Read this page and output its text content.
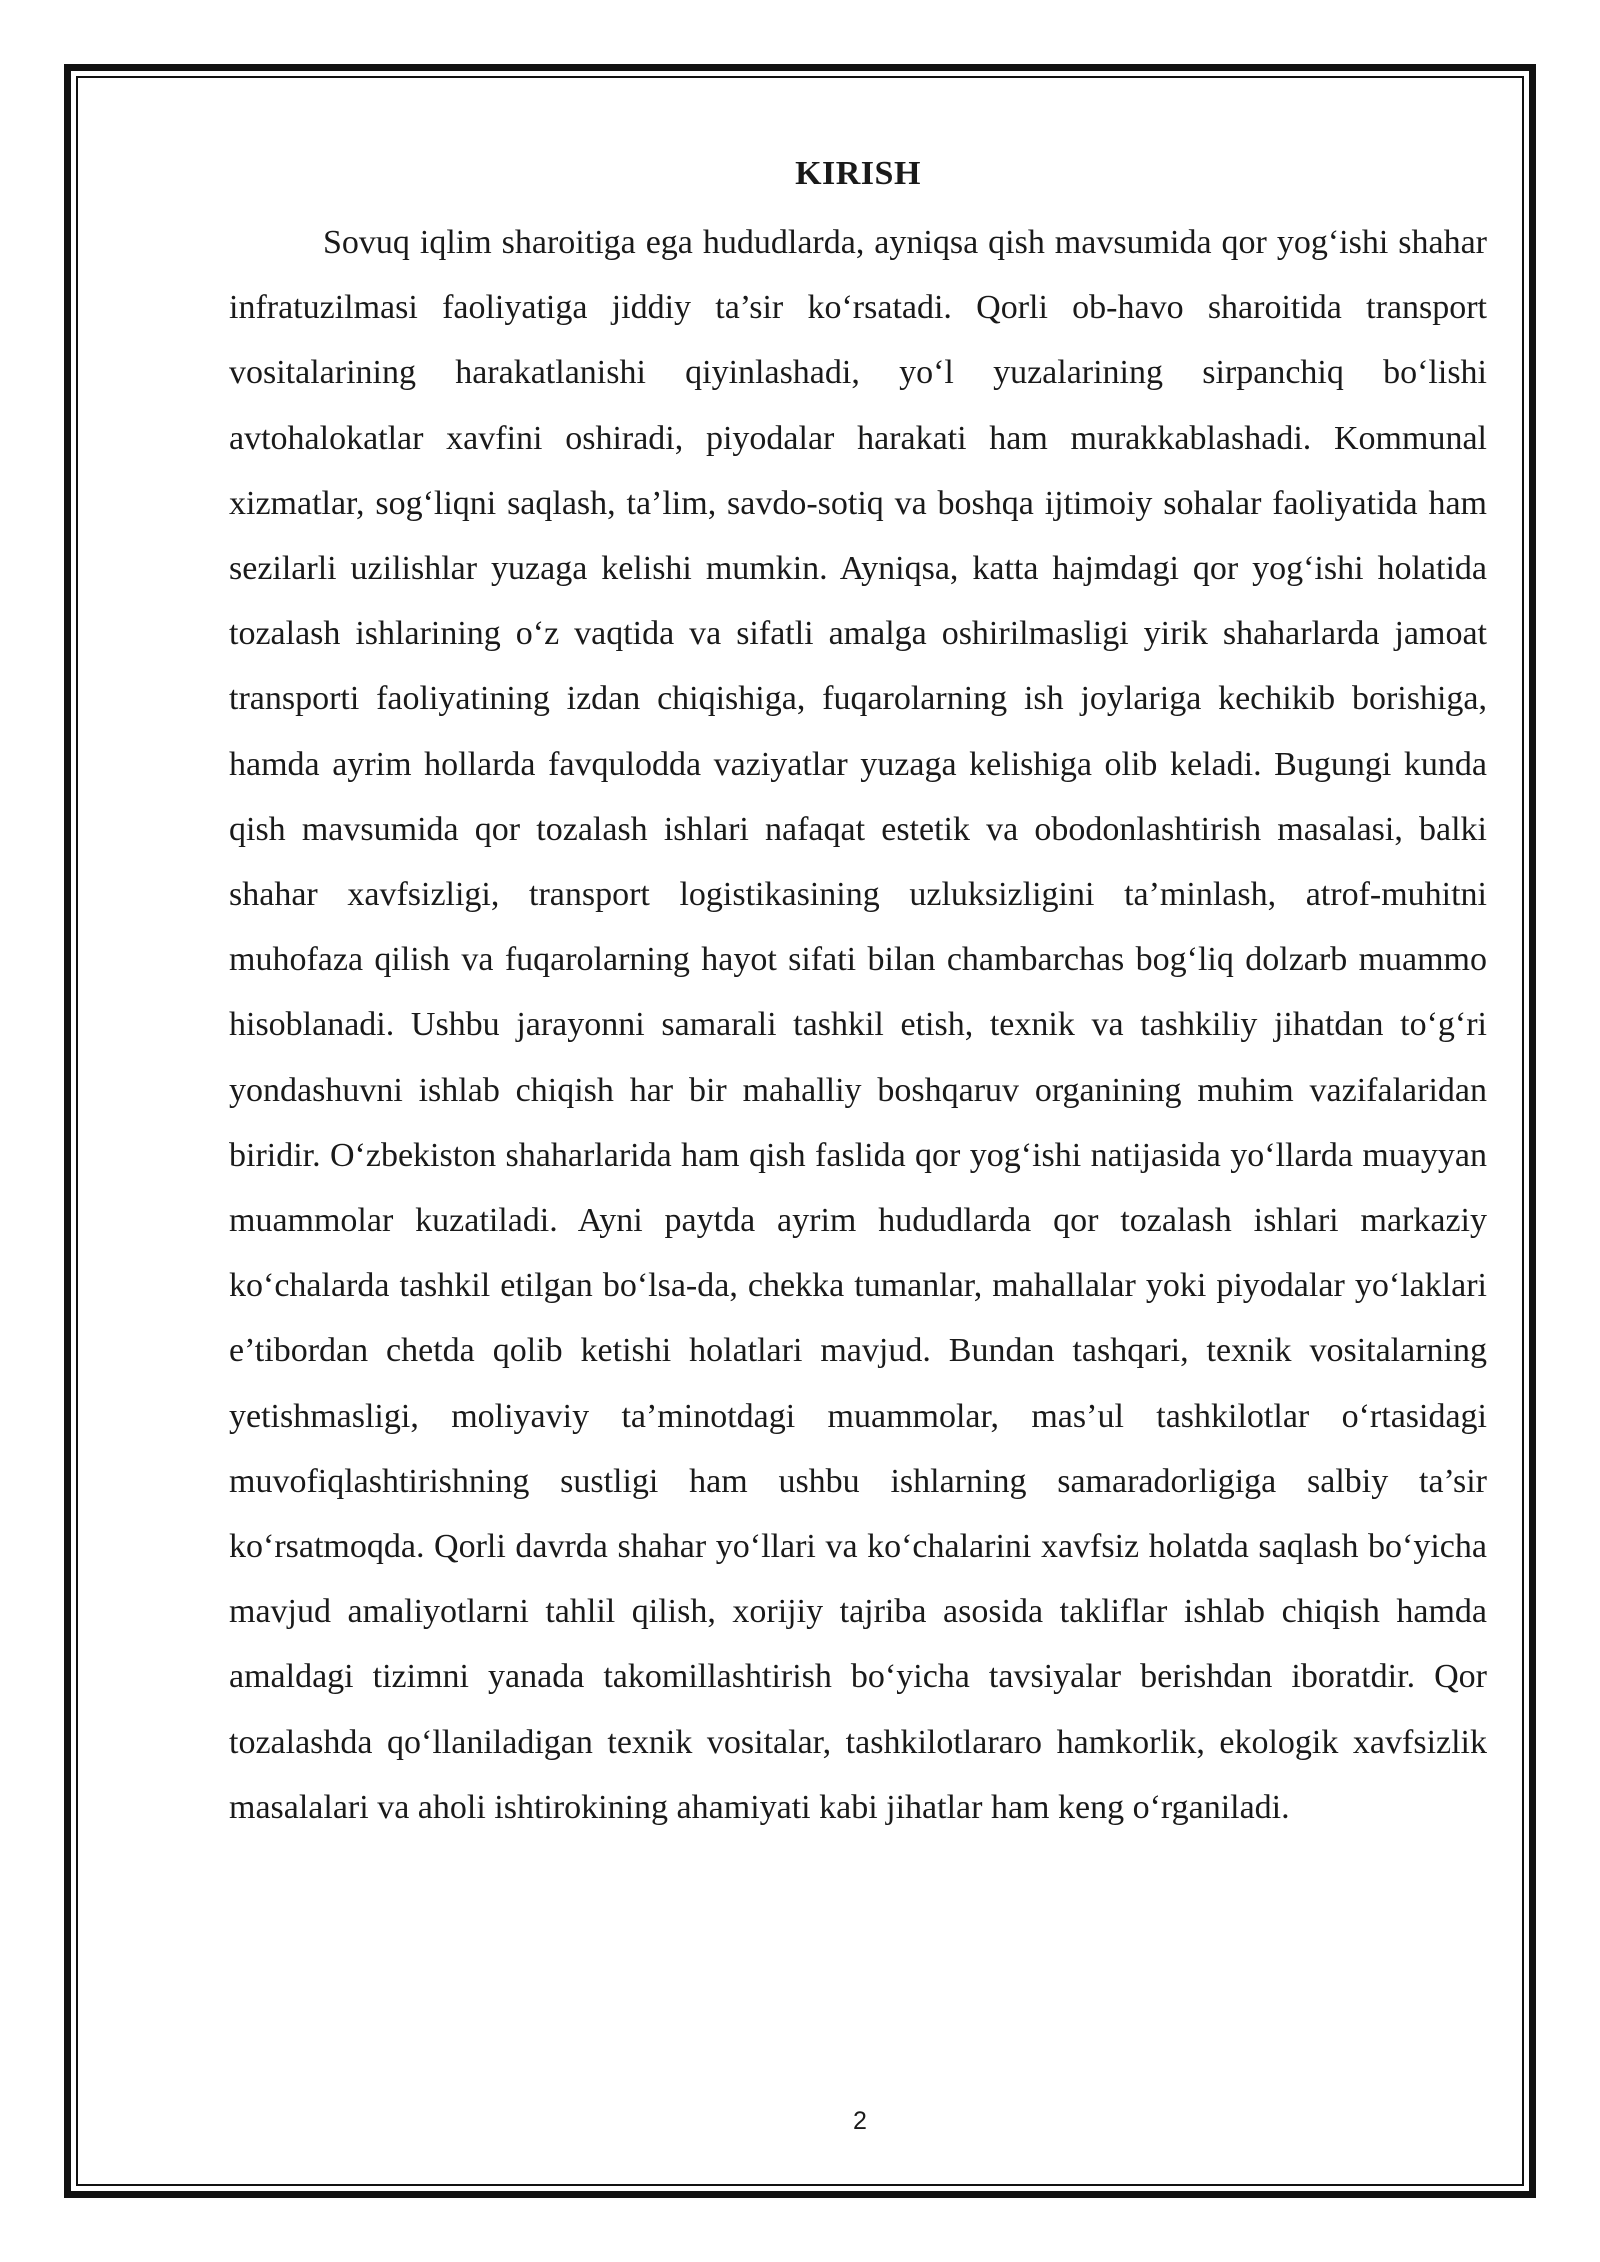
KIRISH

Sovuq iqlim sharoitiga ega hududlarda, ayniqsa qish mavsumida qor yog‘ishi shahar infratuzilmasi faoliyatiga jiddiy ta’sir ko‘rsatadi. Qorli ob-havo sharoitida transport vositalarining harakatlanishi qiyinlashadi, yo‘l yuzalarining sirpanchiq bo‘lishi avtohalokatlar xavfini oshiradi, piyodalar harakati ham murakkablashadi. Kommunal xizmatlar, sog‘liqni saqlash, ta’lim, savdo-sotiq va boshqa ijtimoiy sohalar faoliyatida ham sezilarli uzilishlar yuzaga kelishi mumkin. Ayniqsa, katta hajmdagi qor yog‘ishi holatida tozalash ishlarining o‘z vaqtida va sifatli amalga oshirilmasligi yirik shaharlarda jamoat transporti faoliyatining izdan chiqishiga, fuqarolarning ish joylariga kechikib borishiga, hamda ayrim hollarda favqulodda vaziyatlar yuzaga kelishiga olib keladi. Bugungi kunda qish mavsumida qor tozalash ishlari nafaqat estetik va obodonlashtirish masalasi, balki shahar xavfsizligi, transport logistikasining uzluksizligini ta’minlash, atrof-muhitni muhofaza qilish va fuqarolarning hayot sifati bilan chambarchas bog‘liq dolzarb muammo hisoblanadi. Ushbu jarayonni samarali tashkil etish, texnik va tashkiliy jihatdan to‘g‘ri yondashuvni ishlab chiqish har bir mahalliy boshqaruv organining muhim vazifalaridan biridir. O‘zbekiston shaharlarida ham qish faslida qor yog‘ishi natijasida yo‘llarda muayyan muammolar kuzatiladi. Ayni paytda ayrim hududlarda qor tozalash ishlari markaziy ko‘chalarda tashkil etilgan bo‘lsa-da, chekka tumanlar, mahallalar yoki piyodalar yo‘laklari e’tibordan chetda qolib ketishi holatlari mavjud. Bundan tashqari, texnik vositalarning yetishmasligi, moliyaviy ta’minotdagi muammolar, mas’ul tashkilotlar o‘rtasidagi muvofiqlashtirishning sustligi ham ushbu ishlarning samaradorligiga salbiy ta’sir ko‘rsatmoqda. Qorli davrda shahar yo‘llari va ko‘chalarini xavfsiz holatda saqlash bo‘yicha mavjud amaliyotlarni tahlil qilish, xorijiy tajriba asosida takliflar ishlab chiqish hamda amaldagi tizimni yanada takomillashtirish bo‘yicha tavsiyalar berishdan iboratdir. Qor tozalashda qo‘llaniladigan texnik vositalar, tashkilotlararo hamkorlik, ekologik xavfsizlik masalalari va aholi ishtirokining ahamiyati kabi jihatlar ham keng o‘rganiladi.

2
